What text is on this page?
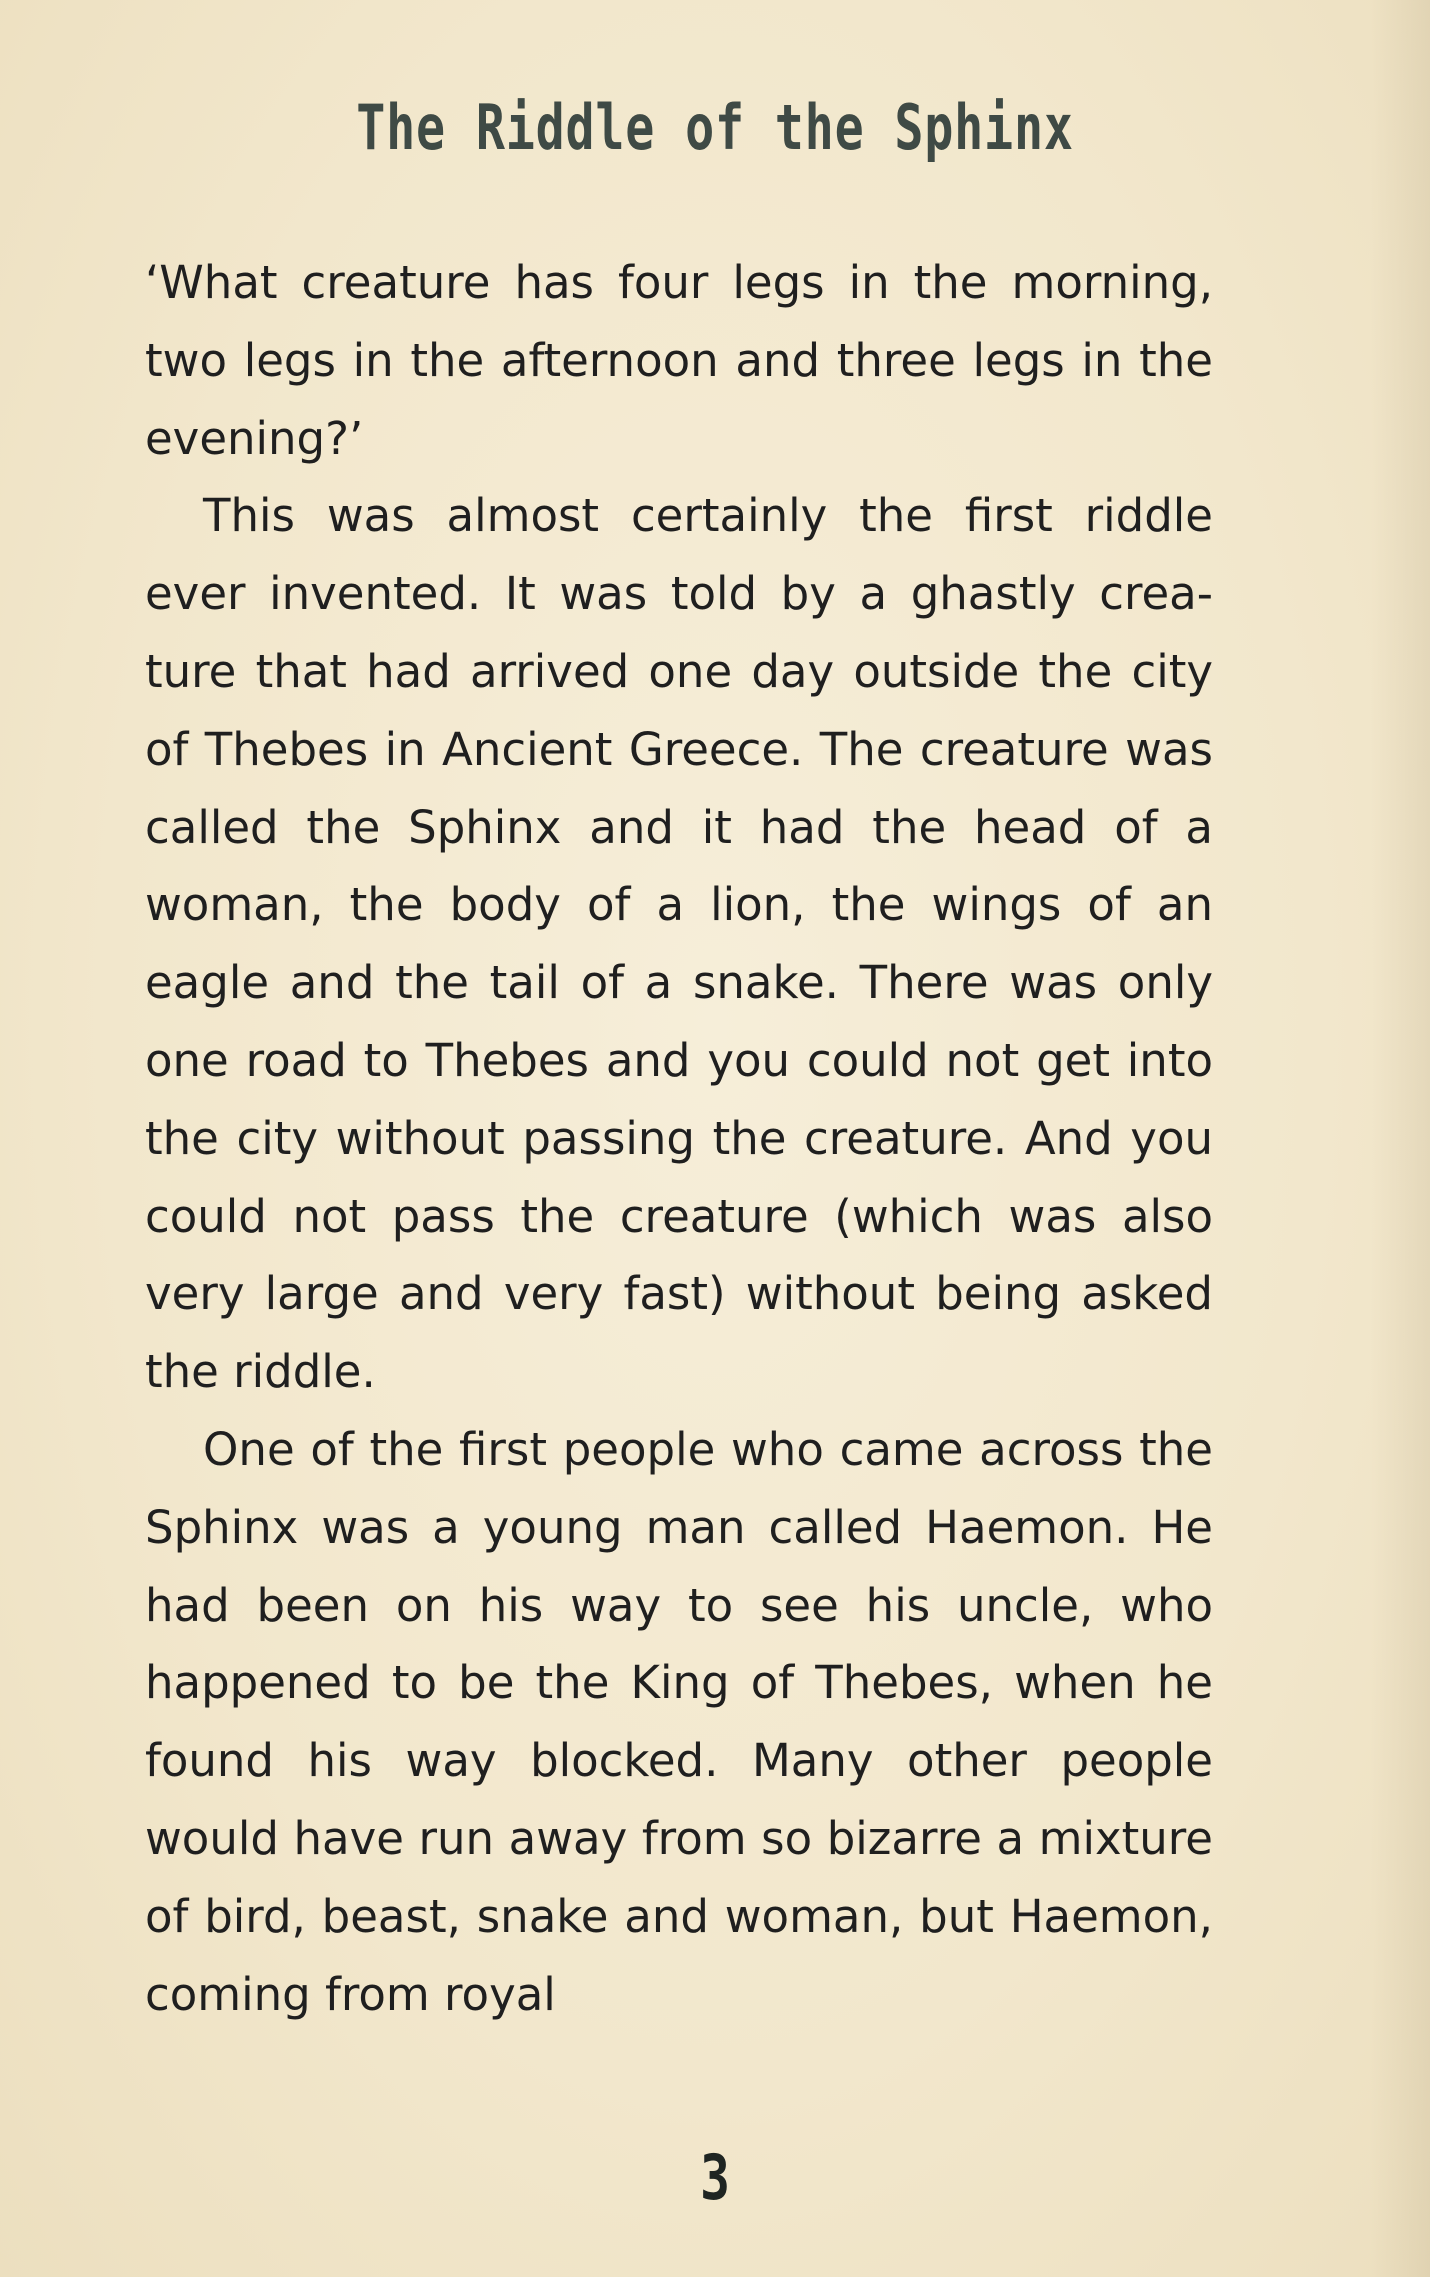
The Riddle of the Sphinx

‘What creature has four legs in the morning, two legs in the afternoon and three legs in the evening?’

This was almost certainly the first riddle ever invented. It was told by a ghastly creature that had arrived one day outside the city of Thebes in Ancient Greece. The creature was called the Sphinx and it had the head of a woman, the body of a lion, the wings of an eagle and the tail of a snake. There was only one road to Thebes and you could not get into the city without passing the creature. And you could not pass the creature (which was also very large and very fast) without being asked the riddle.

One of the first people who came across the Sphinx was a young man called Haemon. He had been on his way to see his uncle, who happened to be the King of Thebes, when he found his way blocked. Many other people would have run away from so bizarre a mixture of bird, beast, snake and woman, but Haemon, coming from royal

3
